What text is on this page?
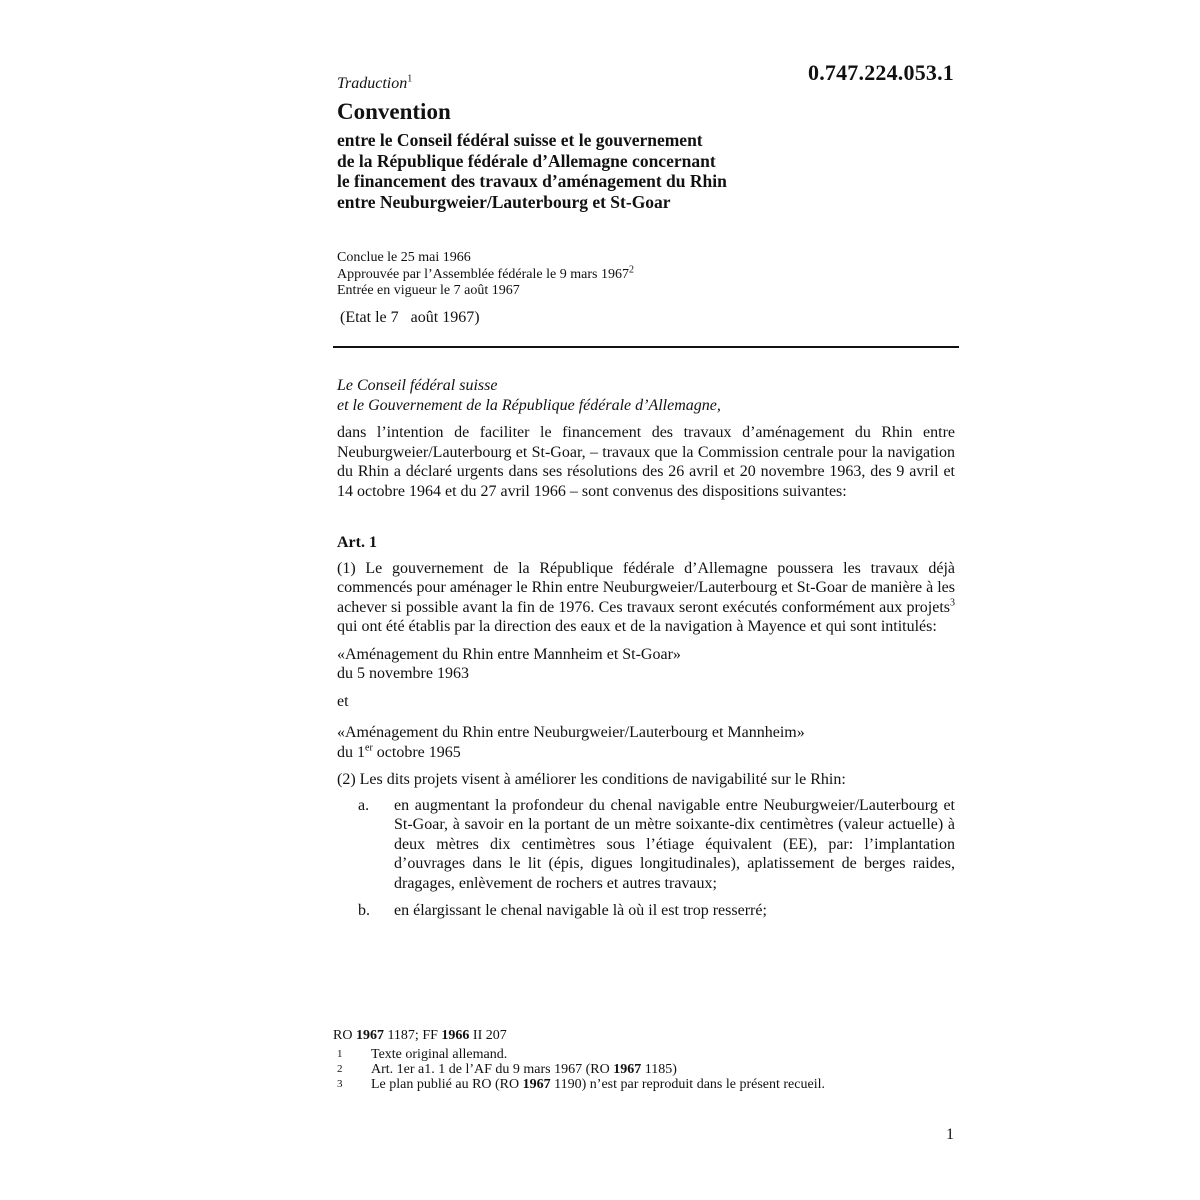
0.747.224.053.1
Traduction$^1$
Convention
entre le Conseil fédéral suisse et le gouvernement
de la République fédérale d’Allemagne concernant
le financement des travaux d’aménagement du Rhin
entre Neuburgweier/Lauterbourg et St-Goar
Conclue le 25 mai 1966
Approuvée par l’Assemblée fédérale le 9 mars 1967$^2$
Entrée en vigueur le 7 août 1967
(Etat le 7   août 1967)
Le Conseil fédéral suisse
et le Gouvernement de la République fédérale d’Allemagne,

dans l’intention de faciliter le financement des travaux d’aménagement du Rhin entre Neuburgweier/Lauterbourg et St-Goar, – travaux que la Commission centrale pour la navigation du Rhin a déclaré urgents dans ses résolutions des 26 avril et 20 novembre 1963, des 9 avril et 14 octobre 1964 et du 27 avril 1966 – sont convenus des dispositions suivantes:

Art. 1

(1) Le gouvernement de la République fédérale d’Allemagne poussera les travaux déjà commencés pour aménager le Rhin entre Neuburgweier/Lauterbourg et St-Goar de manière à les achever si possible avant la fin de 1976. Ces travaux seront exécutés conformément aux projets$^3$ qui ont été établis par la direction des eaux et de la navigation à Mayence et qui sont intitulés:

«Aménagement du Rhin entre Mannheim et St-Goar»
du 5 novembre 1963
et
«Aménagement du Rhin entre Neuburgweier/Lauterbourg et Mannheim»
du 1er octobre 1965

(2) Les dits projets visent à améliorer les conditions de navigabilité sur le Rhin:

a.	en augmentant la profondeur du chenal navigable entre Neuburgweier/Lauterbourg et St-Goar, à savoir en la portant de un mètre soixante-dix centimètres (valeur actuelle) à deux mètres dix centimètres sous l’étiage équivalent (EE), par: l’implantation d’ouvrages dans le lit (épis, digues longitudinales), aplatissement de berges raides, dragages, enlèvement de rochers et autres travaux;
b.	en élargissant le chenal navigable là où il est trop resserré;
RO 1967 1187; FF 1966 II 207
1	Texte original allemand.
2	Art. 1er a1. 1 de l’AF du 9 mars 1967 (RO 1967 1185)
3	Le plan publié au RO (RO 1967 1190) n’est par reproduit dans le présent recueil.
1
